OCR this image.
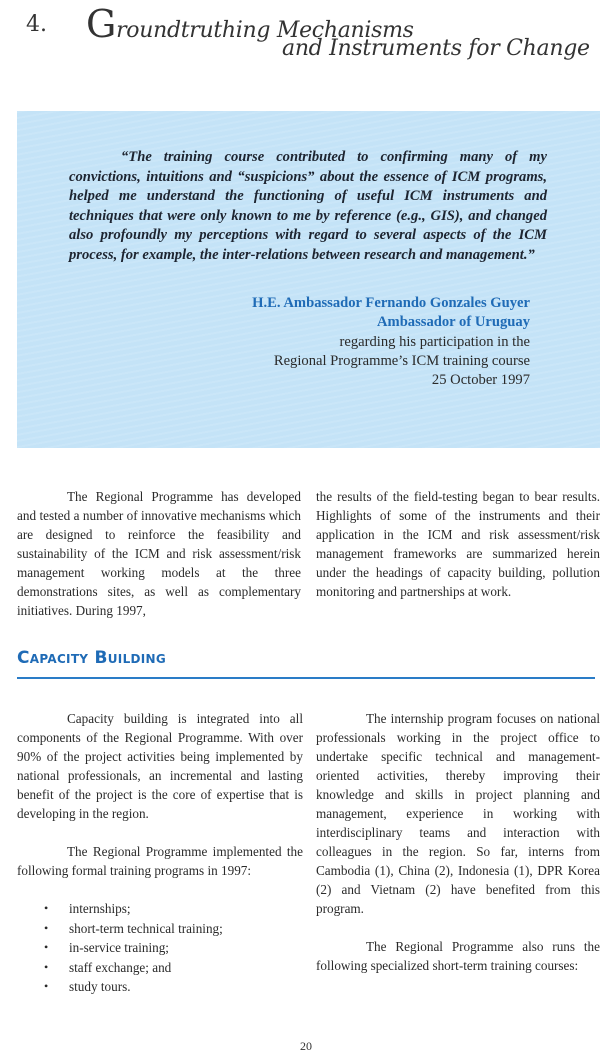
4. Groundtruthing Mechanisms
and Instruments for Change

“The training course contributed to confirming many of my convictions, intuitions and “suspicions” about the essence of ICM programs, helped me understand the functioning of useful ICM instruments and techniques that were only known to me by reference (e.g., GIS), and changed also profoundly my perceptions with regard to several aspects of the ICM process, for example, the inter-relations between research and management.”

H.E. Ambassador Fernando Gonzales Guyer
Ambassador of Uruguay
regarding his participation in the
Regional Programme’s ICM training course
25 October 1997

The Regional Programme has developed and tested a number of innovative mechanisms which are designed to reinforce the feasibility and sustainability of the ICM and risk assessment/risk management working models at the three demonstrations sites, as well as complementary initiatives. During 1997,

the results of the field-testing began to bear results. Highlights of some of the instruments and their application in the ICM and risk assessment/risk management frameworks are summarized herein under the headings of capacity building, pollution monitoring and partnerships at work.

Capacity Building

Capacity building is integrated into all components of the Regional Programme. With over 90% of the project activities being implemented by national professionals, an incremental and lasting benefit of the project is the core of expertise that is developing in the region.

The Regional Programme implemented the following formal training programs in 1997:

• internships;
• short-term technical training;
• in-service training;
• staff exchange; and
• study tours.

The internship program focuses on national professionals working in the project office to undertake specific technical and management-oriented activities, thereby improving their knowledge and skills in project planning and management, experience in working with interdisciplinary teams and interaction with colleagues in the region. So far, interns from Cambodia (1), China (2), Indonesia (1), DPR Korea (2) and Vietnam (2) have benefited from this program.

The Regional Programme also runs the following specialized short-term training courses:

20
